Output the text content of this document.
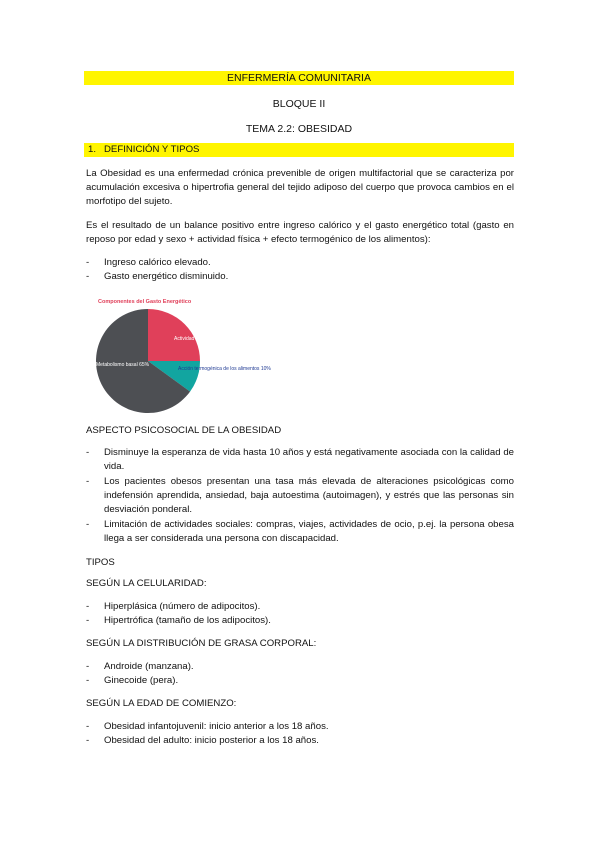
ENFERMERÍA COMUNITARIA
BLOQUE II
TEMA 2.2: OBESIDAD
1. DEFINICIÓN Y TIPOS
La Obesidad es una enfermedad crónica prevenible de origen multifactorial que se caracteriza por acumulación excesiva o hipertrofia general del tejido adiposo del cuerpo que provoca cambios en el morfotipo del sujeto.
Es el resultado de un balance positivo entre ingreso calórico y el gasto energético total (gasto en reposo por edad y sexo + actividad física + efecto termogénico de los alimentos):
- Ingreso calórico elevado.
- Gasto energético disminuido.
Componentes del Gasto Energético
Actividad física 25%
Acción termogénica de los alimentos 10%
Metabolismo basal 65%
ASPECTO PSICOSOCIAL DE LA OBESIDAD
- Disminuye la esperanza de vida hasta 10 años y está negativamente asociada con la calidad de vida.
- Los pacientes obesos presentan una tasa más elevada de alteraciones psicológicas como indefensión aprendida, ansiedad, baja autoestima (autoimagen), y estrés que las personas sin desviación ponderal.
- Limitación de actividades sociales: compras, viajes, actividades de ocio, p.ej. la persona obesa llega a ser considerada una persona con discapacidad.
TIPOS
SEGÚN LA CELULARIDAD:
- Hiperplásica (número de adipocitos).
- Hipertrófica (tamaño de los adipocitos).
SEGÚN LA DISTRIBUCIÓN DE GRASA CORPORAL:
- Androide (manzana).
- Ginecoide (pera).
SEGÚN LA EDAD DE COMIENZO:
- Obesidad infantojuvenil: inicio anterior a los 18 años.
- Obesidad del adulto: inicio posterior a los 18 años.
